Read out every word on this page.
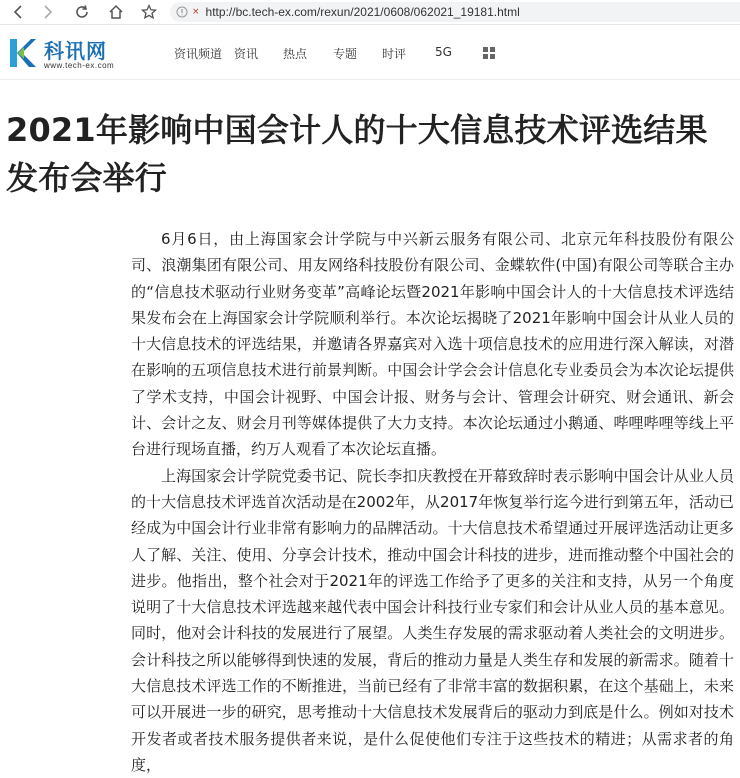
× http://bc.tech-ex.com/rexun/2021/0608/062021_19181.html
科讯网
www.tech-ex.com
资讯频道 资讯 热点 专题 时评 5G
2021年影响中国会计人的十大信息技术评选结果发布会举行

6月6日，由上海国家会计学院与中兴新云服务有限公司、北京元年科技股份有限公司、浪潮集团有限公司、用友网络科技股份有限公司、金蝶软件(中国)有限公司等联合主办的“信息技术驱动行业财务变革”高峰论坛暨2021年影响中国会计人的十大信息技术评选结果发布会在上海国家会计学院顺利举行。本次论坛揭晓了2021年影响中国会计从业人员的十大信息技术的评选结果，并邀请各界嘉宾对入选十项信息技术的应用进行深入解读，对潜在影响的五项信息技术进行前景判断。中国会计学会会计信息化专业委员会为本次论坛提供了学术支持，中国会计视野、中国会计报、财务与会计、管理会计研究、财会通讯、新会计、会计之友、财会月刊等媒体提供了大力支持。本次论坛通过小鹅通、哔哩哔哩等线上平台进行现场直播，约万人观看了本次论坛直播。

上海国家会计学院党委书记、院长李扣庆教授在开幕致辞时表示影响中国会计从业人员的十大信息技术评选首次活动是在2002年，从2017年恢复举行迄今进行到第五年，活动已经成为中国会计行业非常有影响力的品牌活动。十大信息技术希望通过开展评选活动让更多人了解、关注、使用、分享会计技术，推动中国会计科技的进步，进而推动整个中国社会的进步。他指出，整个社会对于2021年的评选工作给予了更多的关注和支持，从另一个角度说明了十大信息技术评选越来越代表中国会计科技行业专家们和会计从业人员的基本意见。同时，他对会计科技的发展进行了展望。人类生存发展的需求驱动着人类社会的文明进步。会计科技之所以能够得到快速的发展，背后的推动力量是人类生存和发展的新需求。随着十大信息技术评选工作的不断推进，当前已经有了非常丰富的数据积累，在这个基础上，未来可以开展进一步的研究，思考推动十大信息技术发展背后的驱动力到底是什么。例如对技术开发者或者技术服务提供者来说，是什么促使他们专注于这些技术的精进；从需求者的角度，
